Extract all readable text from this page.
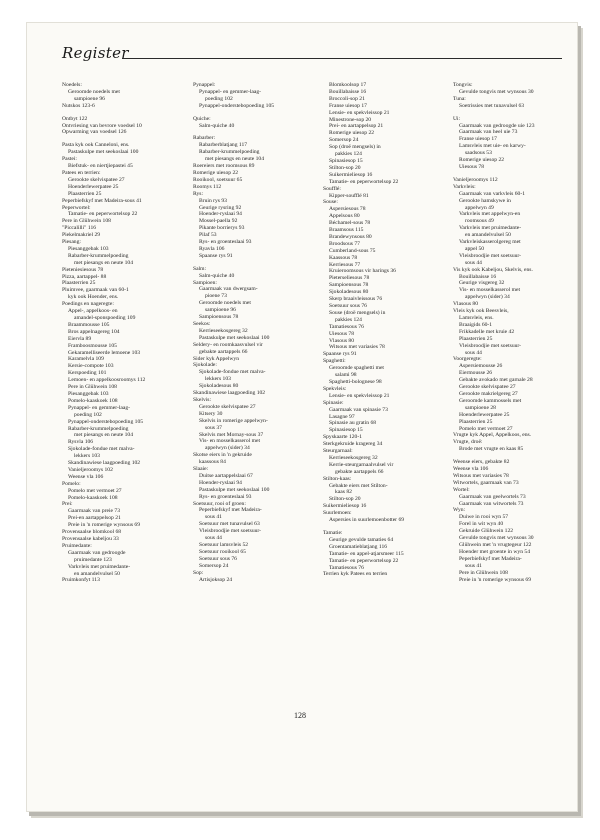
Register
Noedels:
Geroomde noedels met
sampioene 96
Nutskos 123-6
Ontbyt 122
Ontvriesing van bevrore voedsel 10
Opwarming van voedsel 126
Pasta kyk ook Canneloni, ens.
Pastaskulpe met seekoslaai 100
Pastei:
Biefstuk- en niertjiepastei 45
Patees en terrien:
Gerookte skelvispatee 27
Hoenderlewerpatee 25
Plaasterrien 25
Peperbiefskyf met Madeira-sous 41
Peperwortel:
Tamatie- en peperwortelsop 22
Pere in Glühwein 108
"Piccalilli" 116
Piekelmakriel 29
Piesang:
Piesanggebak 103
Rabarber-krummelpoeding
met piesangs en neute 104
Pieteniesiesous 78
Pizza, aartappel- 88
Plaasterrien 25
Pluimvee, gaarmaak van 60-1
kyk ook Hoender, ens.
Poedings en nageregte:
Appel-, appelkoos- en
amandel-sponspoeding 109
Braammousse 105
Bros appelnagereg 104
Eiervla 89
Framboosmousse 105
Gekaramelliseerde lemoene 103
Karamelvla 109
Kersie-compote 103
Kerspoeding 101
Lemoen- en appelkoosroomys 112
Pere in Glühwein 108
Piesanggebak 103
Pomelo-kaaskoek 108
Pynappel- en gemmer-laag-
poeding 102
Pynappel-onderstebopoeding 105
Rabarber-krummelpoeding
met piesangs en neute 104
Rysvla 106
Sjokolade-fondue met malva-
lekkers 103
Skandinawiese laagpoeding 102
Vanieljeroomys 102
Weense vla 106
Pomelo:
Pomelo met vermoet 27
Pomelo-kaaskoek 108
Prei:
Gaarmaak van preie 73
Prei-en aartappelsop 21
Preie in 'n romerige wynsous 69
Provensaalse blomkool 68
Provensaalse kabeljou 33
Pruimedante:
Gaarmaak van gedroogde
pruimedante 123
Varkvleis met pruimedante-
en amandelvulsel 50
Pruimkonfyt 113
Pynappel:
Pynappel- en gemmer-laag-
poeding 102
Pynappel-onderstebopoeding 105
Quiche:
Salm-quiche 40
Rabarber:
Rabarberblatjang 117
Rabarber-krummelpoeding
met piesangs en neute 104
Roereiers met roomsous 89
Romerige uiesop 22
Rooikool, soetsuur 65
Roomys 112
Rys:
Bruin rys 93
Geurige rysring 92
Hoender-ryslaai 94
Mossel-paella 92
Pikante borrierys 93
Pilaf 53
Rys- en groenteslaai 93
Ryavla 106
Spaanse rys 91
Salm:
Salm-quiche 40
Sampioen:
Gaarmaak van dwergsam-
pioene 73
Geroomde noedels met
sampioene 96
Sampioensous 78
Seekos:
Kerrieseekosgereg 32
Pastaskulpe met seekoslaai 100
Seldery- en roomkaasvulsel vir
gebakte aartappels 66
Sider kyk Appelwyn
Sjokolade:
Sjokolade-fondue met malva-
lekkers 103
Sjokoladesous 80
Skandinawiese laagpoeding 102
Skelvis:
Gerookte skelvispatee 27
Kitsery 30
Skelvis in romerige appelwyn-
sous 37
Skelvis met Mornay-sous 37
Vis- en mosselkasserol met
appelwyn (sider) 34
Skotse eiers in 'n gekruide
kaassous 84
Slaaie:
Duitse aartappelslaai 67
Hoender-ryslaai 94
Pastaskulpe met seekoslaai 100
Rys- en groenteslaai 93
Soetsuur, rooi of groen:
Peperbiefskyf met Madeira-
sous 41
Soetsuur met tunavulsel 63
Vleisbroodjie met soetsuur-
sous 44
Soetsuur lamsvleis 52
Soetsuur rooikool 65
Soetsuur sous 76
Somersop 24
Sop:
Artisjoksop 24
Blomkoolsop 17
Bouillabaisse 16
Broccoli-sop 21
Franse uiesop 17
Lensie- en spekvleissop 21
Minestrone-sop 20
Prei- en aartappelsop 21
Romerige uiesop 22
Somersop 24
Sop (droë mengsels) in
pakkies 124
Spinasiesop 15
Stilton-sop 20
Suikermieliesop 16
Tamatie- en peperwortelsop 22
Soufflé:
Kipper-soufflé 81
Souse:
Aspersiesous 78
Appelsous 80
Béchamel-sous 78
Braamsous 115
Brandewynsous 80
Broodsous 77
Cumberland-sous 75
Kaassous 78
Kerriesous 77
Kruieroomsous vir harings 36
Pieterseliesous 78
Sampioensous 78
Sjokoladesous 80
Skerp braaivleissous 76
Soetsuur sous 76
Souse (droë mengsels) in
pakkies 124
Tamatiesous 76
Uiesous 78
Vlasous 80
Witsous met variasies 78
Spaanse rys 91
Spaghetti:
Geroomde spaghetti met
salami 98
Spaghetti-bolognese 98
Spekvleis:
Lensie- en spekvleissop 21
Spinasie:
Gaarmaak van spinasie 73
Lasagne 97
Spinasie au gratin 68
Spinasiesop 15
Spyskaarte 120-1
Sterkgekruide kragereg 34
Steurgarnaal:
Kerrieseekosgereg 32
Kerrie-steurgarnaalvulsel vir
gebakte aartappels 66
Stilton-kaas:
Gebakte eiers met Stilton-
kaas 82
Stilton-sop 20
Suikermieliesop 16
Suurlemoen:
Aspersies in suurlemoenbotter 69
Tamatie:
Geurige gevulde tamaties 64
Groentamatieblatjang 116
Tamatie- en appel-atjarsmeer 115
Tamatie- en peperwortelsop 22
Tamatiesous 76
Terrien kyk Patees en terrien
Tongvis:
Gevulde tongvis met wynsous 30
Tuna:
Soetrissies met tunavulsel 63
Ui:
Gaarmaak van gedroogde uie 123
Gaarmaak van heel uie 73
Franse uiesop 17
Lamsvleis met uie- en karwy-
saadsous 53
Romerige uiesop 22
Uiesous 78
Vanieljeroomys 112
Varkvleis:
Gaarmaak van varkvleis 60-1
Gerookte hamskywe in
appelwyn 49
Varkvleis met appelwyn-en
roomsous 49
Varkvleis met pruimedante-
en amandelvulsel 50
Varkvleiskasserolgereg met
appel 50
Vleisbroodjie met soetsuur-
sous 44
Vis kyk ook Kabeljou, Skelvis, ens.
Bouillabaisse 16
Geurige visgereg 32
Vis- en mosselkasserol met
appelwyn (sider) 34
Vlasous 80
Vleis kyk ook Beesvleis,
Lamsvleis, ens.
Braaigids 60-1
Frikkadelle met kruie 42
Plaasterrien 25
Vleisbroodjie met soetsuur-
sous 44
Voorgeregte:
Aspersiemousse 26
Eiermousse 26
Gebakte avokado met garnale 28
Gerookte skelvispatee 27
Gerookte makrielgereg 27
Geroomde kammossels met
sampioene 28
Hoenderlewerpatee 25
Plaasterrien 25
Pomelo met vermoet 27
Vrugte kyk Appel, Appelkoos, ens.
Vrugte, droë:
Brode met vrugte en kaas 85
Weense eiers, gebakte 82
Weense vla 106
Witsous met variasies 78
Witwortels, gaarmaak van 73
Wortel:
Gaarmaak van geelwortels 73
Gaarmaak van witwortels 73
Wyn:
Duiwe in rooi wyn 57
Forel in wit wyn 40
Gekruide Glühwein 122
Gevulde tongvis met wynsous 30
Glühwein met 'n vrugtegeur 122
Hoender met groente in wyn 54
Peperbiefskyf met Madeira-
sous 41
Pere in Glühwein 108
Preie in 'n romerige wynsous 69
128
